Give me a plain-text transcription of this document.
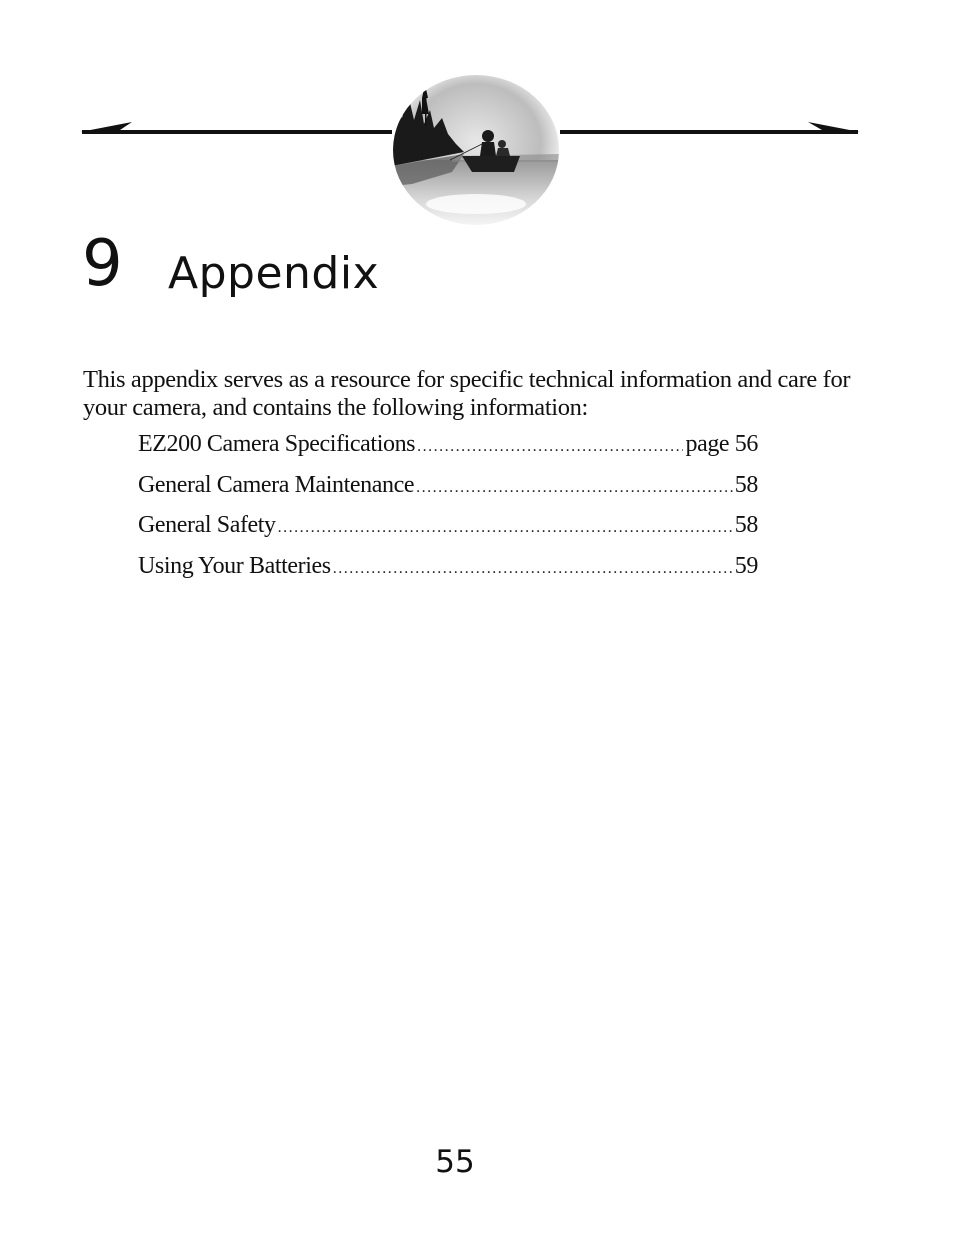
9 Appendix

This appendix serves as a resource for specific technical information and care for your camera, and contains the following information:

EZ200 Camera Specifications .....	page 56
General Camera Maintenance .....	58
General Safety .....	58
Using Your Batteries .....	59
55
